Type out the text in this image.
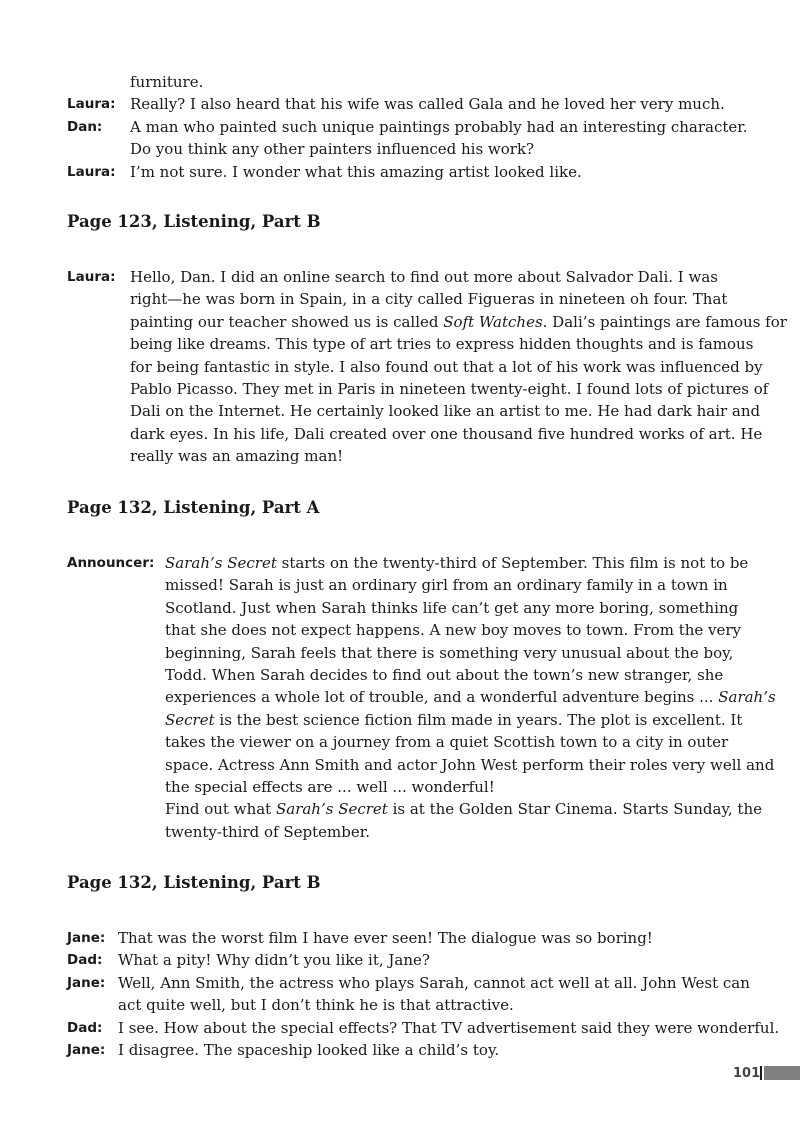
furniture.
Laura: Really? I also heard that his wife was called Gala and he loved her very much.
Dan: A man who painted such unique paintings probably had an interesting character.
Do you think any other painters influenced his work?
Laura: I’m not sure. I wonder what this amazing artist looked like.
Page 123, Listening, Part B
Laura: Hello, Dan. I did an online search to find out more about Salvador Dali. I was
right—he was born in Spain, in a city called Figueras in nineteen oh four. That
painting our teacher showed us is called Soft Watches. Dali’s paintings are famous for
being like dreams. This type of art tries to express hidden thoughts and is famous
for being fantastic in style. I also found out that a lot of his work was influenced by
Pablo Picasso. They met in Paris in nineteen twenty-eight. I found lots of pictures of
Dali on the Internet. He certainly looked like an artist to me. He had dark hair and
dark eyes. In his life, Dali created over one thousand five hundred works of art. He
really was an amazing man!
Page 132, Listening, Part A
Announcer: Sarah’s Secret starts on the twenty-third of September. This film is not to be
missed! Sarah is just an ordinary girl from an ordinary family in a town in
Scotland. Just when Sarah thinks life can’t get any more boring, something
that she does not expect happens. A new boy moves to town. From the very
beginning, Sarah feels that there is something very unusual about the boy,
Todd. When Sarah decides to find out about the town’s new stranger, she
experiences a whole lot of trouble, and a wonderful adventure begins ... Sarah’s
Secret is the best science fiction film made in years. The plot is excellent. It
takes the viewer on a journey from a quiet Scottish town to a city in outer
space. Actress Ann Smith and actor John West perform their roles very well and
the special effects are ... well ... wonderful!
Find out what Sarah’s Secret is at the Golden Star Cinema. Starts Sunday, the
twenty-third of September.
Page 132, Listening, Part B
Jane: That was the worst film I have ever seen! The dialogue was so boring!
Dad: What a pity! Why didn’t you like it, Jane?
Jane: Well, Ann Smith, the actress who plays Sarah, cannot act well at all. John West can
act quite well, but I don’t think he is that attractive.
Dad: I see. How about the special effects? That TV advertisement said they were wonderful.
Jane: I disagree. The spaceship looked like a child’s toy.
101
